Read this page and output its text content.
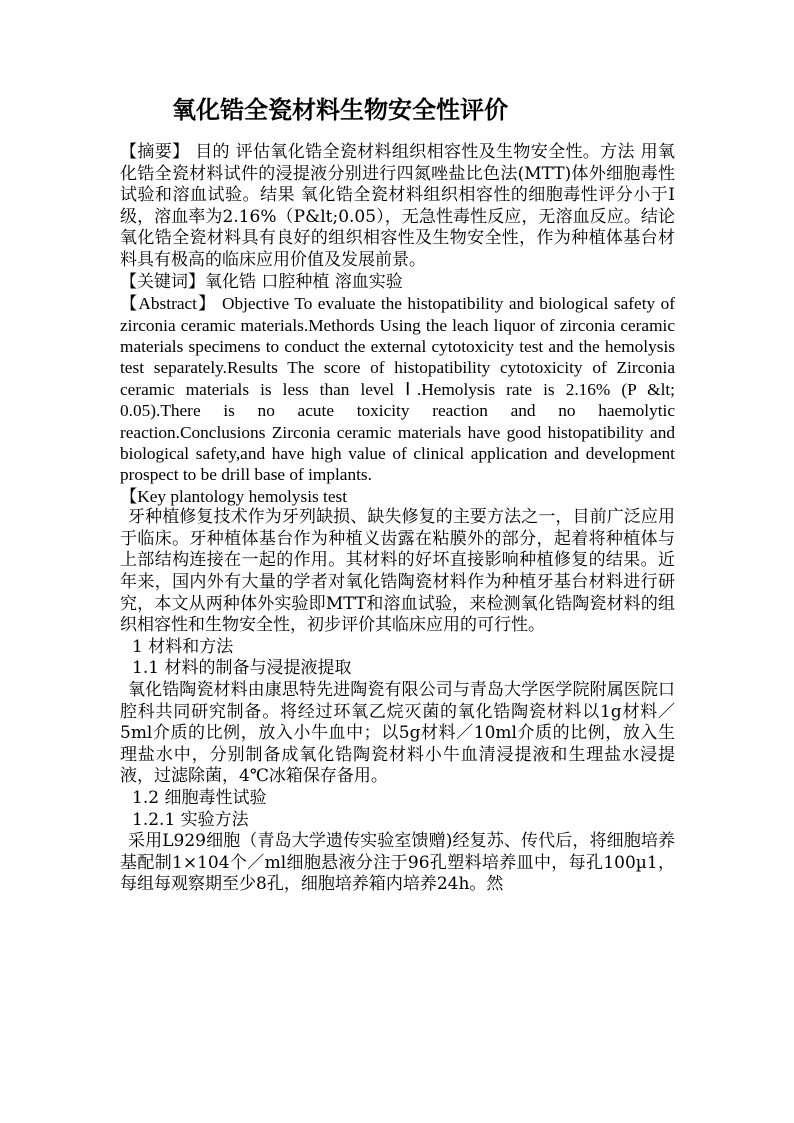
氧化锆全瓷材料生物安全性评价

【摘要】 目的 评估氧化锆全瓷材料组织相容性及生物安全性。方法 用氧化锆全瓷材料试件的浸提液分别进行四氮唑盐比色法(MTT)体外细胞毒性试验和溶血试验。结果 氧化锆全瓷材料组织相容性的细胞毒性评分小于Ⅰ级，溶血率为2.16%（P&lt;0.05），无急性毒性反应，无溶血反应。结论 氧化锆全瓷材料具有良好的组织相容性及生物安全性，作为种植体基台材料具有极高的临床应用价值及发展前景。

【关键词】氧化锆 口腔种植 溶血实验

【Abstract】 Objective To evaluate the histopatibility and biological safety of zirconia ceramic materials.Methords Using the leach liquor of zirconia ceramic materials specimens to conduct the external cytotoxicity test and the hemolysis test separately.Results The score of histopatibility cytotoxicity of Zirconia ceramic materials is less than level Ⅰ.Hemolysis rate is 2.16% (P &lt; 0.05).There is no acute toxicity reaction and no haemolytic reaction.Conclusions Zirconia ceramic materials have good histopatibility and biological safety,and have high value of clinical application and development prospect to be drill base of implants.

【Key plantology hemolysis test

牙种植修复技术作为牙列缺损、缺失修复的主要方法之一，目前广泛应用于临床。牙种植体基台作为种植义齿露在粘膜外的部分，起着将种植体与上部结构连接在一起的作用。其材料的好坏直接影响种植修复的结果。近年来，国内外有大量的学者对氧化锆陶瓷材料作为种植牙基台材料进行研究，本文从两种体外实验即MTT和溶血试验，来检测氧化锆陶瓷材料的组织相容性和生物安全性，初步评价其临床应用的可行性。

1 材料和方法

1.1 材料的制备与浸提液提取

氧化锆陶瓷材料由康思特先进陶瓷有限公司与青岛大学医学院附属医院口腔科共同研究制备。将经过环氧乙烷灭菌的氧化锆陶瓷材料以1g材料／5ml介质的比例，放入小牛血中；以5g材料／10ml介质的比例，放入生理盐水中，分别制备成氧化锆陶瓷材料小牛血清浸提液和生理盐水浸提液，过滤除菌，4℃冰箱保存备用。

1.2 细胞毒性试验

1.2.1 实验方法

采用L929细胞（青岛大学遗传实验室馈赠)经复苏、传代后，将细胞培养基配制1×104个／ml细胞悬液分注于96孔塑料培养皿中，每孔100µ1，每组每观察期至少8孔，细胞培养箱内培养24h。然
